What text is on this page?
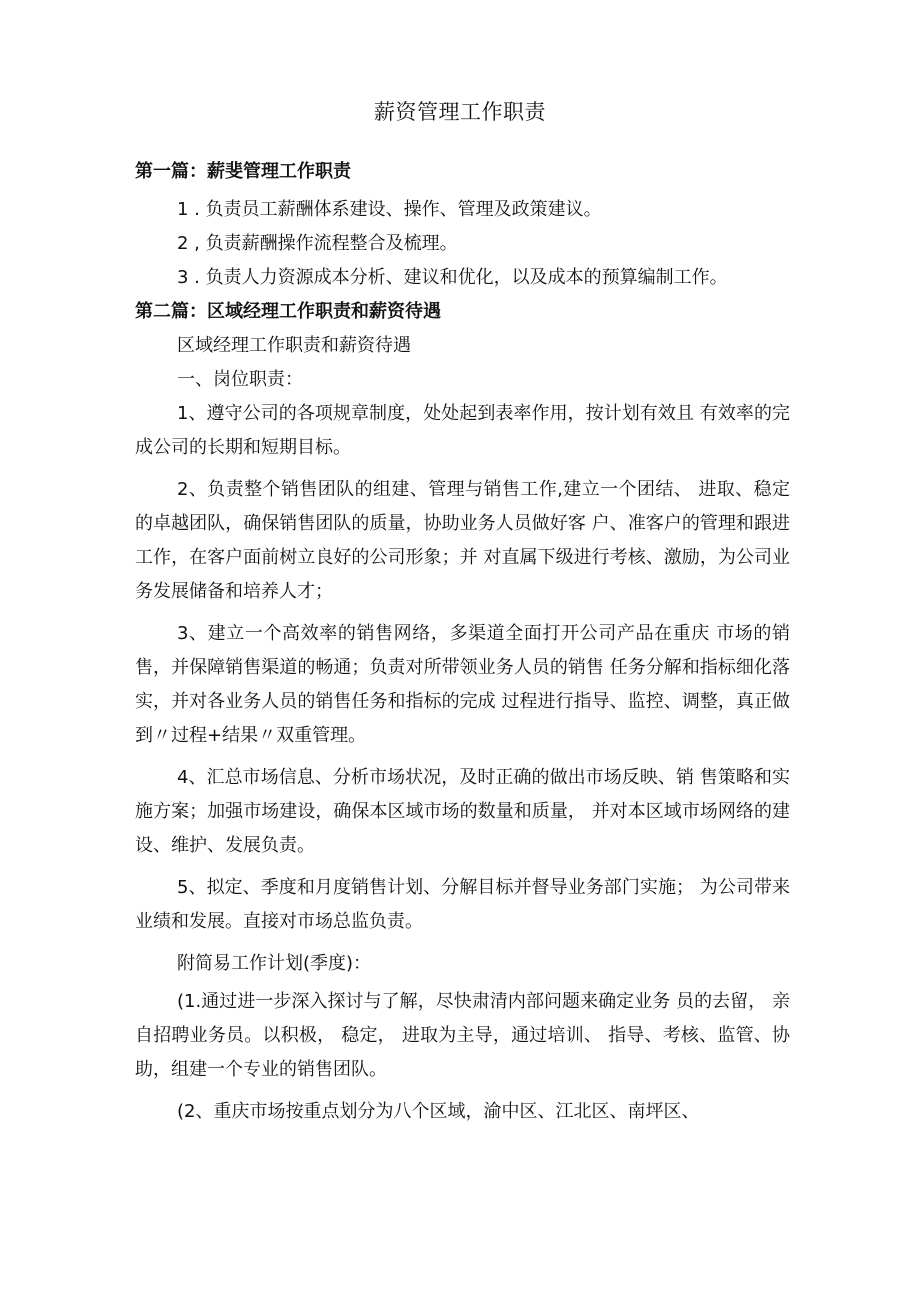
薪资管理工作职责

第一篇：薪斐管理工作职责

1 . 负责员工薪酬体系建设、操作、管理及政策建议。

2 , 负责薪酬操作流程整合及梳理。

3 . 负责人力资源成本分析、建议和优化，以及成本的预算编制工作。

第二篇：区域经理工作职责和薪资待遇

区域经理工作职责和薪资待遇

一、岗位职责：

1、遵守公司的各项规章制度，处处起到表率作用，按计划有效且 有效率的完成公司的长期和短期目标。

2、负责整个销售团队的组建、管理与销售工作,建立一个团结、 进取、稳定的卓越团队，确保销售团队的质量，协助业务人员做好客 户、准客户的管理和跟进工作，在客户面前树立良好的公司形象；并 对直属下级进行考核、激励，为公司业务发展储备和培养人才；

3、建立一个高效率的销售网络，多渠道全面打开公司产品在重庆 市场的销售，并保障销售渠道的畅通；负责对所带领业务人员的销售 任务分解和指标细化落实，并对各业务人员的销售任务和指标的完成 过程进行指导、监控、调整，真正做到〃过程+结果〃双重管理。

4、汇总市场信息、分析市场状况，及时正确的做出市场反映、销 售策略和实施方案；加强市场建设，确保本区域市场的数量和质量， 并对本区域市场网络的建设、维护、发展负责。

5、拟定、季度和月度销售计划、分解目标并督导业务部门实施； 为公司带来业绩和发展。直接对市场总监负责。

附简易工作计划(季度)：

(1.通过进一步深入探讨与了解，尽快肃清内部问题来确定业务 员的去留， 亲自招聘业务员。以积极， 稳定， 进取为主导，通过培训、 指导、考核、监管、协助，组建一个专业的销售团队。

(2、重庆市场按重点划分为八个区域，渝中区、江北区、南坪区、
